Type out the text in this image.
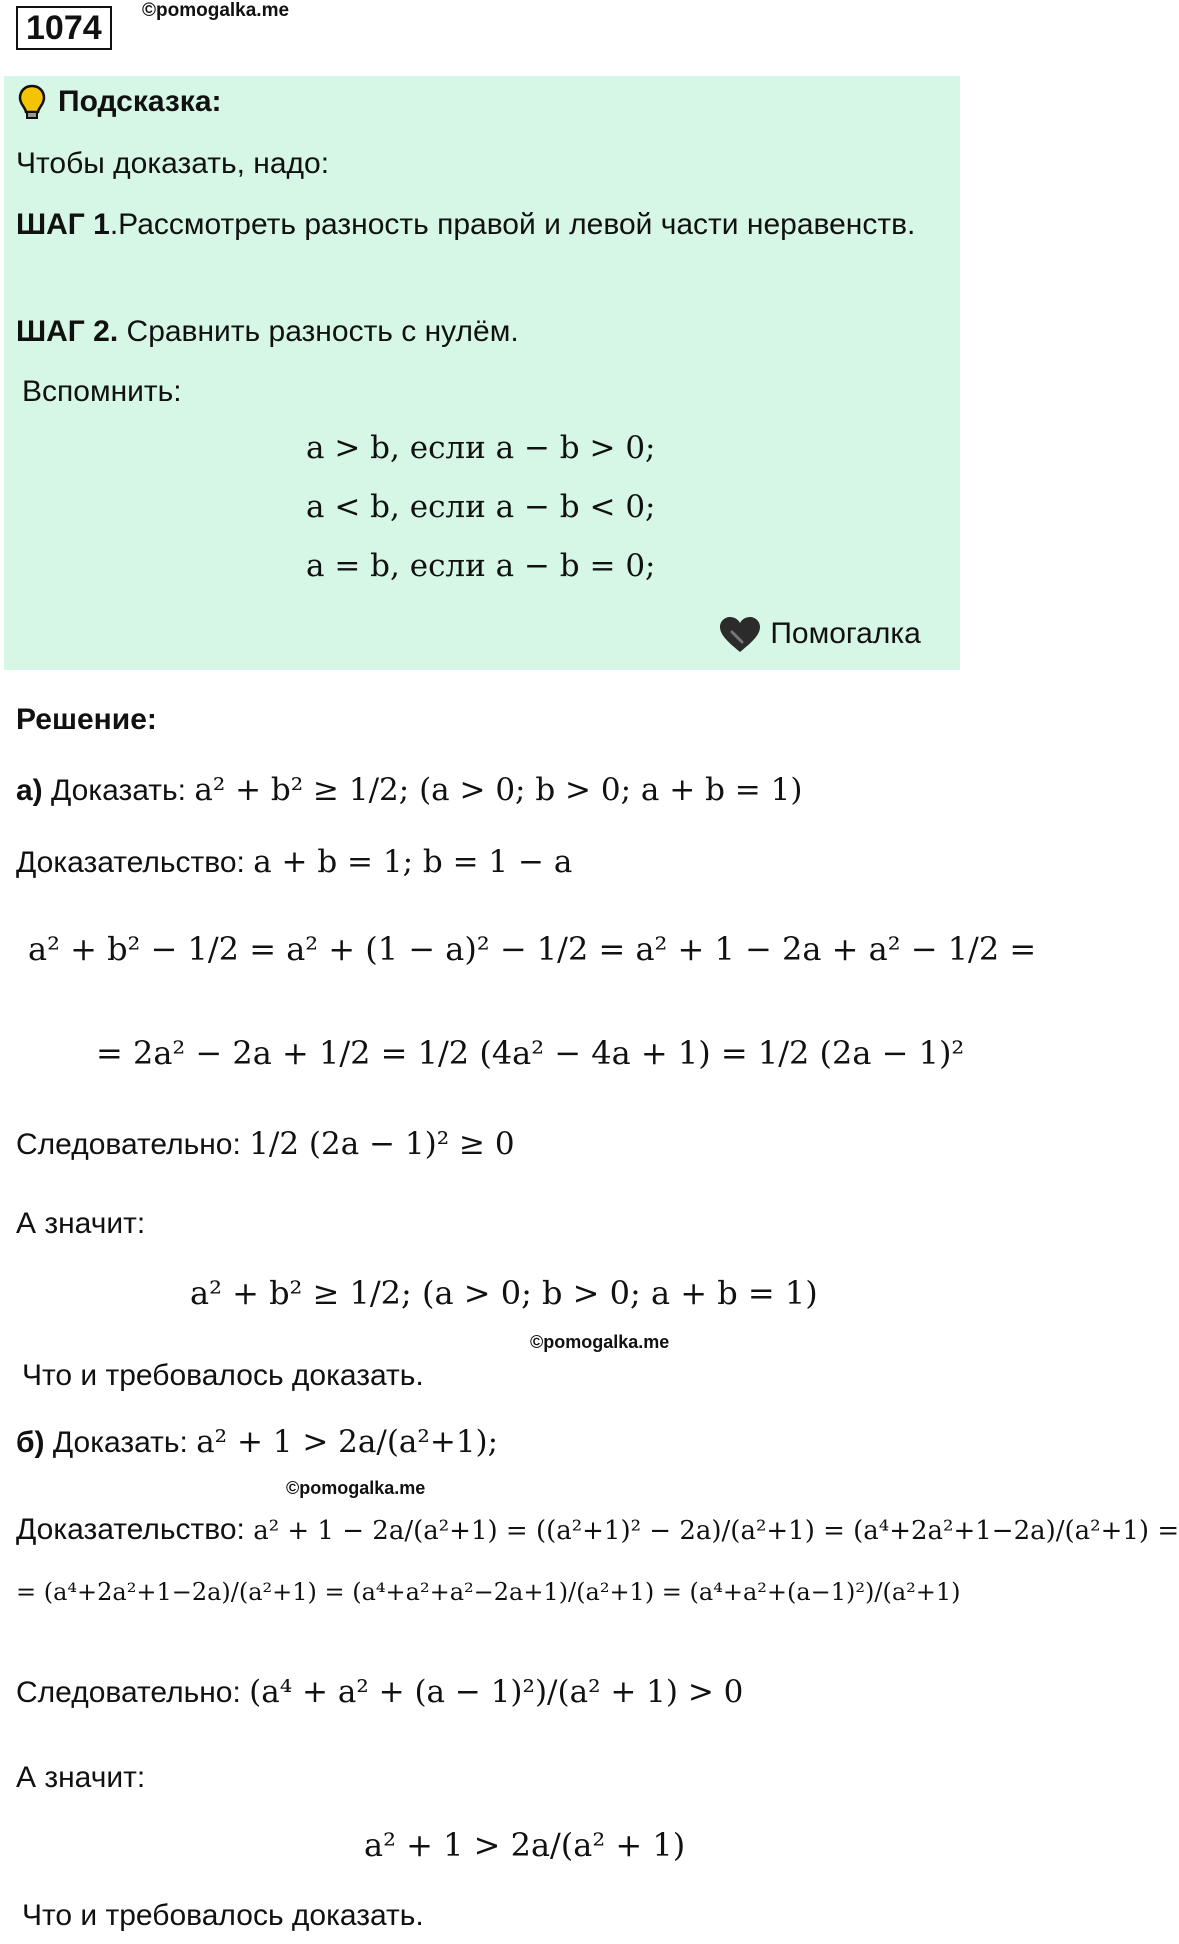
1074	©pomogalka.me
Подсказка:
Чтобы доказать, надо:
ШАГ 1.Рассмотреть разность правой и левой части неравенств.
ШАГ 2. Сравнить разность с нулём.
Вспомнить:
a > b, если a − b > 0;
a < b, если a − b < 0;
a = b, если a − b = 0;
Помогалка
Решение:
а) Доказать: a² + b² ≥ 1/2; (a > 0; b > 0; a + b = 1)
Доказательство: a + b = 1; b = 1 − a
a² + b² − 1/2 = a² + (1 − a)² − 1/2 = a² + 1 − 2a + a² − 1/2 =
= 2a² − 2a + 1/2 = 1/2 (4a² − 4a + 1) = 1/2 (2a − 1)²
Следовательно: 1/2 (2a − 1)² ≥ 0
А значит:
a² + b² ≥ 1/2; (a > 0; b > 0; a + b = 1)
©pomogalka.me
Что и требовалось доказать.
б) Доказать: a² + 1 > 2a/(a²+1);
©pomogalka.me
Доказательство: a² + 1 − 2a/(a²+1) = ((a²+1)² − 2a)/(a²+1) = (a⁴+2a²+1−2a)/(a²+1) =
= (a⁴+2a²+1−2a)/(a²+1) = (a⁴+a²+a²−2a+1)/(a²+1) = (a⁴+a²+(a−1)²)/(a²+1)
Следовательно: (a⁴ + a² + (a − 1)²)/(a² + 1) > 0
А значит:
a² + 1 > 2a/(a² + 1)
Что и требовалось доказать.
